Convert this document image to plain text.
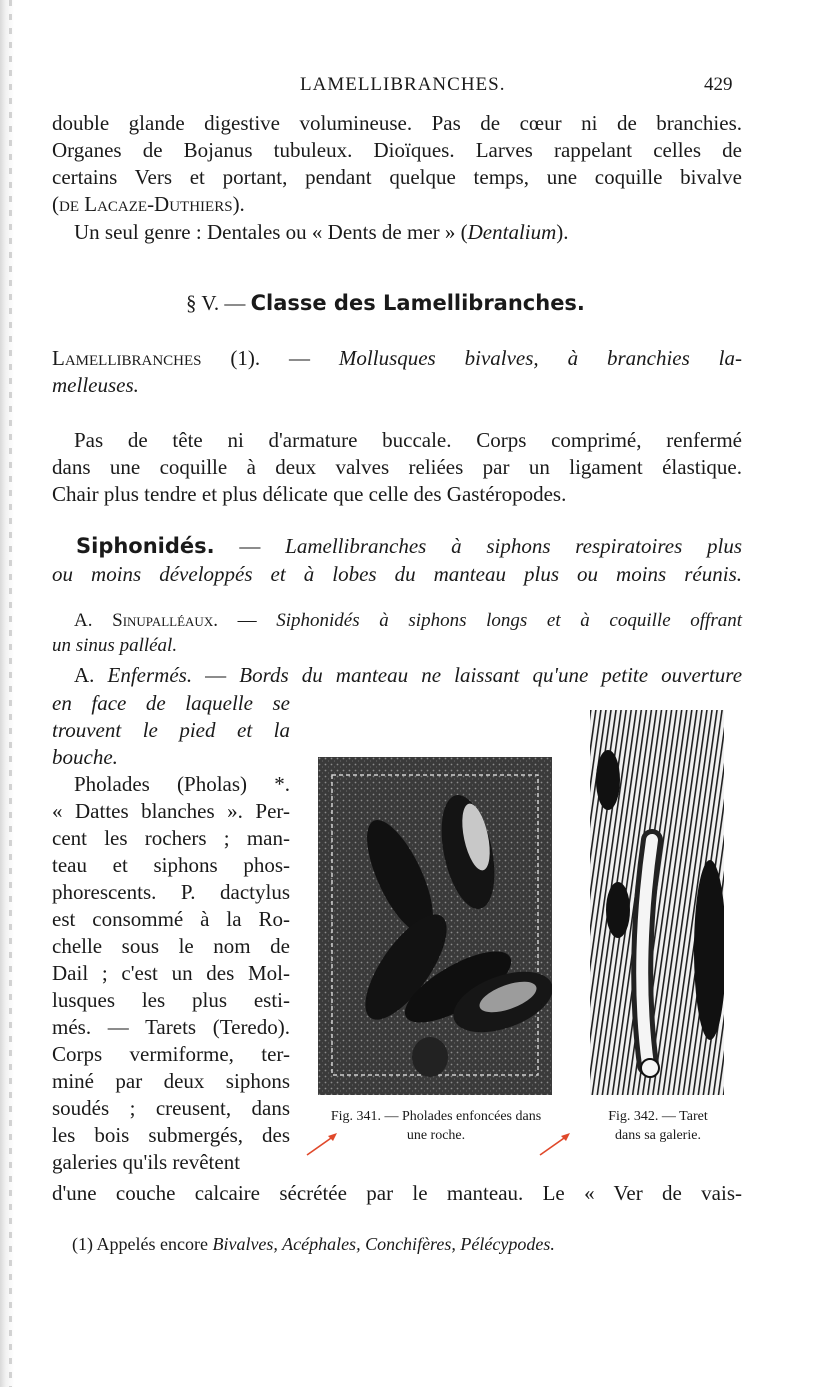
LAMELLIBRANCHES.	429
double glande digestive volumineuse. Pas de cœur ni de branchies.
Organes de Bojanus tubuleux. Dioïques. Larves rappelant celles de
certains Vers et portant, pendant quelque temps, une coquille bivalve
(de Lacaze-Duthiers).
Un seul genre : Dentales ou « Dents de mer » (Dentalium).
§ V. — Classe des Lamellibranches.
Lamellibranches (1). — Mollusques bivalves, à branchies la-
melleuses.
Pas de tête ni d'armature buccale. Corps comprimé, renfermé
dans une coquille à deux valves reliées par un ligament élastique.
Chair plus tendre et plus délicate que celle des Gastéropodes.
Siphonidés. — Lamellibranches à siphons respiratoires plus
ou moins développés et à lobes du manteau plus ou moins réunis.
A. Sinupalléaux. — Siphonidés à siphons longs et à coquille offrant
un sinus palléal.
A. Enfermés. — Bords du manteau ne laissant qu'une petite ouverture
en face de laquelle se
trouvent le pied et la
bouche.
Pholades (Pholas) *.
« Dattes blanches ». Per-
cent les rochers ; man-
teau et siphons phos-
phorescents. P. dactylus
est consommé à la Ro-
chelle sous le nom de
Dail ; c'est un des Mol-
lusques les plus esti-
més. — Tarets (Teredo).
Corps vermiforme, ter-
miné par deux siphons
soudés ; creusent, dans
les bois submergés, des
galeries qu'ils revêtent
d'une couche calcaire sécrétée par le manteau. Le « Ver de vais-
Fig. 341. — Pholades enfoncées dans
une roche.
Fig. 342. — Taret
dans sa galerie.
(1) Appelés encore Bivalves, Acéphales, Conchifères, Pélécypodes.
